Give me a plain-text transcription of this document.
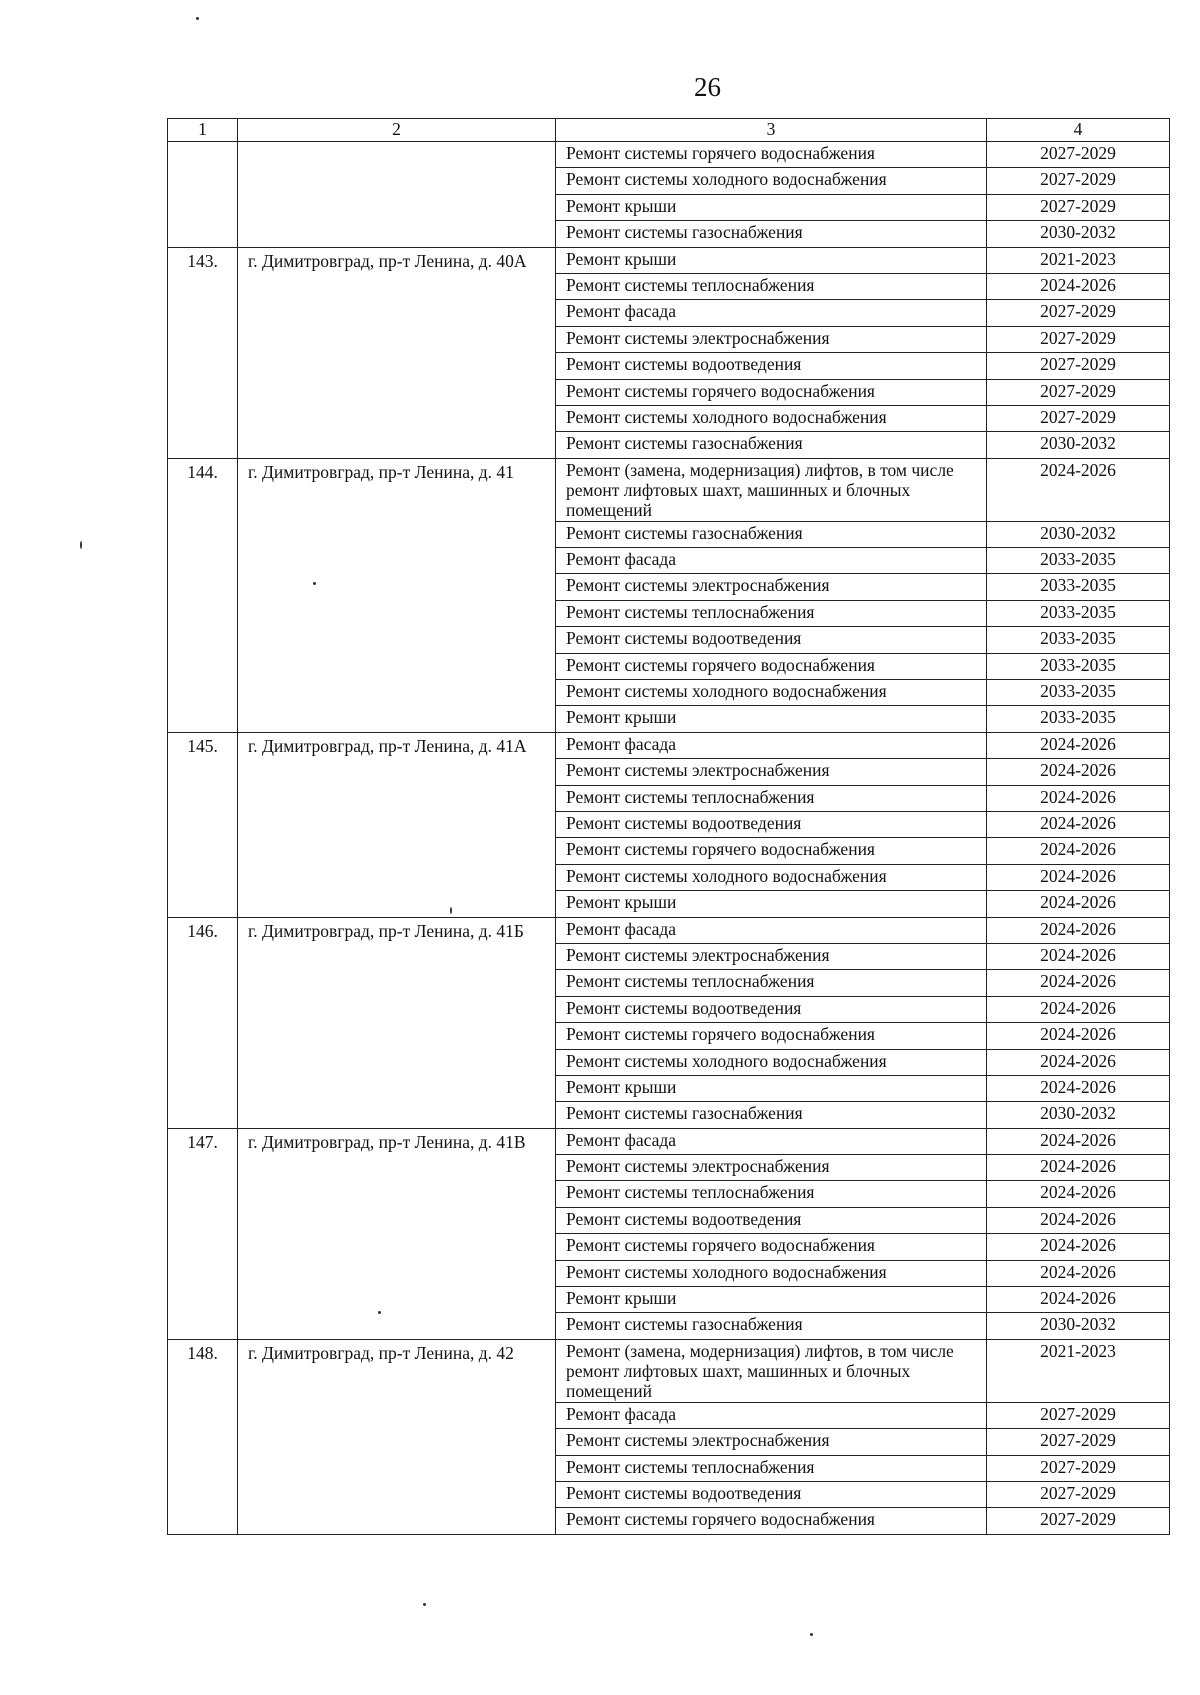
26
1	2	3	4
		Ремонт системы горячего водоснабжения	2027-2029
		Ремонт системы холодного водоснабжения	2027-2029
		Ремонт крыши	2027-2029
		Ремонт системы газоснабжения	2030-2032
143.	г. Димитровград, пр-т Ленина, д. 40А	Ремонт крыши	2021-2023
		Ремонт системы теплоснабжения	2024-2026
		Ремонт фасада	2027-2029
		Ремонт системы электроснабжения	2027-2029
		Ремонт системы водоотведения	2027-2029
		Ремонт системы горячего водоснабжения	2027-2029
		Ремонт системы холодного водоснабжения	2027-2029
		Ремонт системы газоснабжения	2030-2032
144.	г. Димитровград, пр-т Ленина, д. 41	Ремонт (замена, модернизация) лифтов, в том числе ремонт лифтовых шахт, машинных и блочных помещений	2024-2026
		Ремонт системы газоснабжения	2030-2032
		Ремонт фасада	2033-2035
		Ремонт системы электроснабжения	2033-2035
		Ремонт системы теплоснабжения	2033-2035
		Ремонт системы водоотведения	2033-2035
		Ремонт системы горячего водоснабжения	2033-2035
		Ремонт системы холодного водоснабжения	2033-2035
		Ремонт крыши	2033-2035
145.	г. Димитровград, пр-т Ленина, д. 41А	Ремонт фасада	2024-2026
		Ремонт системы электроснабжения	2024-2026
		Ремонт системы теплоснабжения	2024-2026
		Ремонт системы водоотведения	2024-2026
		Ремонт системы горячего водоснабжения	2024-2026
		Ремонт системы холодного водоснабжения	2024-2026
		Ремонт крыши	2024-2026
146.	г. Димитровград, пр-т Ленина, д. 41Б	Ремонт фасада	2024-2026
		Ремонт системы электроснабжения	2024-2026
		Ремонт системы теплоснабжения	2024-2026
		Ремонт системы водоотведения	2024-2026
		Ремонт системы горячего водоснабжения	2024-2026
		Ремонт системы холодного водоснабжения	2024-2026
		Ремонт крыши	2024-2026
		Ремонт системы газоснабжения	2030-2032
147.	г. Димитровград, пр-т Ленина, д. 41В	Ремонт фасада	2024-2026
		Ремонт системы электроснабжения	2024-2026
		Ремонт системы теплоснабжения	2024-2026
		Ремонт системы водоотведения	2024-2026
		Ремонт системы горячего водоснабжения	2024-2026
		Ремонт системы холодного водоснабжения	2024-2026
		Ремонт крыши	2024-2026
		Ремонт системы газоснабжения	2030-2032
148.	г. Димитровград, пр-т Ленина, д. 42	Ремонт (замена, модернизация) лифтов, в том числе ремонт лифтовых шахт, машинных и блочных помещений	2021-2023
		Ремонт фасада	2027-2029
		Ремонт системы электроснабжения	2027-2029
		Ремонт системы теплоснабжения	2027-2029
		Ремонт системы водоотведения	2027-2029
		Ремонт системы горячего водоснабжения	2027-2029
